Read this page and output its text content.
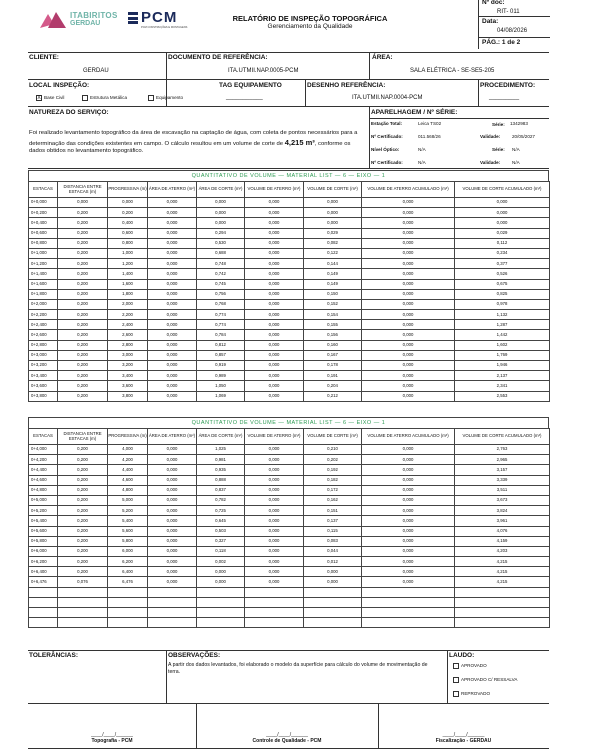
ITABIRITOS
GERDAU	PCM
PCM CONSTRUÇÕES E MONTAGENS
RELATÓRIO DE INSPEÇÃO TOPOGRÁFICA
Gerenciamento da Qualidade
Nº doc:
RIT- 011
Data:
04/08/2026
PÁG.: 1 de 2
CLIENTE:
GERDAU
DOCUMENTO DE REFERÊNCIA:
ITA.UTMII.NAP.0005-PCM
ÁREA:
SALA ELÉTRICA - SE-SE5-205
LOCAL INSPEÇÃO:
X Base Civil	Estrutura Metálica	Equipamento
TAG EQUIPAMENTO
___________
DESENHO REFERÊNCIA:
ITA.UTMII.NAP.0004-PCM
PROCEDIMENTO:
_________
NATUREZA DO SERVIÇO:
Foi realizado levantamento topográfico da área de escavação na captação de água, com coleta de pontos necessários para a determinação das condições existentes em campo. O cálculo resultou em um volume de corte de 4,215 m³, conforme os dados obtidos no levantamento topográfico.
APARELHAGEM / Nº SÉRIE:
Estação Total:	Leica TS02	Série: 1342983
Nº Certificado:	011.568/26	Validade:	20/05/2027
Nível Óptico:	N/A	Série: N/A
Nº Certificado:	N/A	Validade:	N/A
QUANTITATIVO DE VOLUME — MATERIAL LIST — 6 — EIXO — 1
ESTACAS	DISTANCIA ENTRE ESTACAS (m)	PROGRESSIVA (m)	ÁREA DE ATERRO (m²)	ÁREA DE CORTE (m²)	VOLUME DE ATERRO (m³)	VOLUME DE CORTE (m³)	VOLUME DE ATERRO ACUMULADO (m³)	VOLUME DE CORTE ACUMULADO (m³)
0+0,000	0,000	0,000	0,000	0,000	0,000	0,000	0,000	0,000
0+0,200	0,200	0,200	0,000	0,000	0,000	0,000	0,000	0,000
0+0,400	0,200	0,400	0,000	0,000	0,000	0,000	0,000	0,000
0+0,600	0,200	0,600	0,000	0,294	0,000	0,029	0,000	0,029
0+0,800	0,200	0,800	0,000	0,530	0,000	0,082	0,000	0,112
0+1,000	0,200	1,000	0,000	0,688	0,000	0,122	0,000	0,234
0+1,200	0,200	1,200	0,000	0,748	0,000	0,144	0,000	0,377
0+1,400	0,200	1,400	0,000	0,742	0,000	0,149	0,000	0,526
0+1,600	0,200	1,600	0,000	0,745	0,000	0,149	0,000	0,675
0+1,800	0,200	1,800	0,000	0,756	0,000	0,150	0,000	0,825
0+2,000	0,200	2,000	0,000	0,768	0,000	0,152	0,000	0,978
0+2,200	0,200	2,200	0,000	0,774	0,000	0,154	0,000	1,132
0+2,400	0,200	2,400	0,000	0,774	0,000	0,155	0,000	1,287
0+2,600	0,200	2,600	0,000	0,784	0,000	0,156	0,000	1,442
0+2,800	0,200	2,800	0,000	0,812	0,000	0,160	0,000	1,602
0+3,000	0,200	3,000	0,000	0,857	0,000	0,167	0,000	1,769
0+3,200	0,200	3,200	0,000	0,919	0,000	0,178	0,000	1,946
0+3,400	0,200	3,400	0,000	0,989	0,000	0,191	0,000	2,137
0+3,600	0,200	3,600	0,000	1,050	0,000	0,204	0,000	2,341
0+3,800	0,200	3,800	0,000	1,069	0,000	0,212	0,000	2,553
QUANTITATIVO DE VOLUME — MATERIAL LIST — 6 — EIXO — 1
ESTACAS	DISTANCIA ENTRE ESTACAS (m)	PROGRESSIVA (m)	ÁREA DE ATERRO (m²)	ÁREA DE CORTE (m²)	VOLUME DE ATERRO (m³)	VOLUME DE CORTE (m³)	VOLUME DE ATERRO ACUMULADO (m³)	VOLUME DE CORTE ACUMULADO (m³)
0+4,000	0,200	4,000	0,000	1,025	0,000	0,210	0,000	2,763
0+4,200	0,200	4,200	0,000	0,981	0,000	0,202	0,000	2,965
0+4,400	0,200	4,400	0,000	0,935	0,000	0,192	0,000	3,157
0+4,600	0,200	4,600	0,000	0,888	0,000	0,182	0,000	3,339
0+4,800	0,200	4,800	0,000	0,837	0,000	0,172	0,000	3,511
0+5,000	0,200	5,000	0,000	0,782	0,000	0,162	0,000	3,673
0+5,200	0,200	5,200	0,000	0,725	0,000	0,151	0,000	3,824
0+5,400	0,200	5,400	0,000	0,645	0,000	0,137	0,000	3,961
0+5,600	0,200	5,600	0,000	0,503	0,000	0,115	0,000	4,076
0+5,800	0,200	5,800	0,000	0,327	0,000	0,083	0,000	4,159
0+6,000	0,200	6,000	0,000	0,118	0,000	0,044	0,000	4,203
0+6,200	0,200	6,200	0,000	0,002	0,000	0,012	0,000	4,215
0+6,400	0,200	6,400	0,000	0,000	0,000	0,000	0,000	4,215
0+6,476	0,076	6,476	0,000	0,000	0,000	0,000	0,000	4,215

TOLERÂNCIAS:	OBSERVAÇÕES:
A partir dos dados levantados, foi elaborado o modelo da superfície para cálculo do volume de movimentação de terra.
LAUDO:
APROVADO
APROVADO C/ RESSALVA
REPROVADO
____/____/______
Topografia - PCM
____/____/______
Controle de Qualidade - PCM
____/____/______
Fiscalização - GERDAU
